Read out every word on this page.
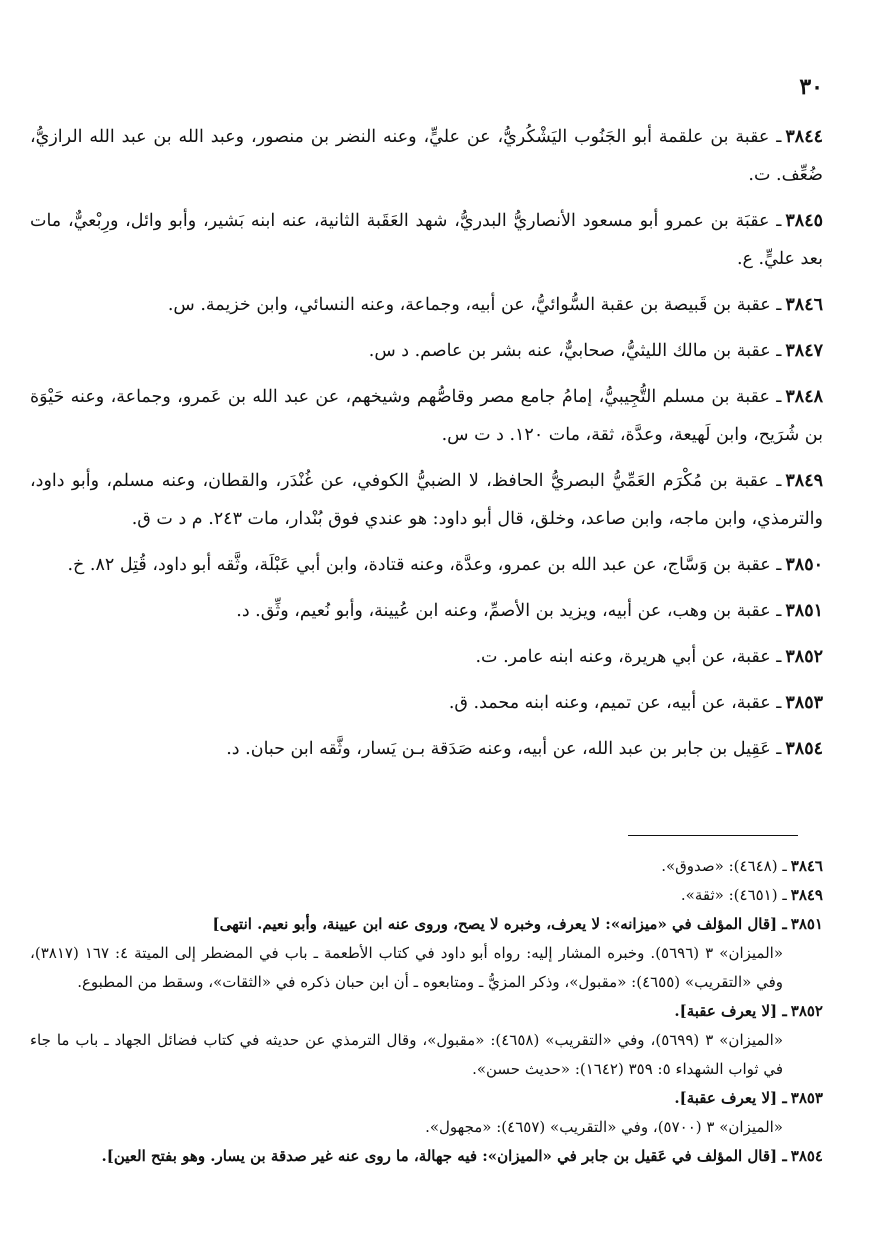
٣٠

٣٨٤٤ـ عقبة بن علقمة أبو الجَنُوب اليَشْكُريُّ، عن عليٍّ، وعنه النضر بن منصور، وعبد الله بن عبد الله الرازيُّ، ضُعِّف. ت.

٣٨٤٥ـ عقبَة بن عمرو أبو مسعود الأنصاريُّ البدريُّ، شهد العَقَبة الثانية، عنه ابنه بَشير، وأبو وائل، ورِبْعيٌّ، مات بعد عليٍّ. ع.

٣٨٤٦ـ عقبة بن قَبيصة بن عقبة السُّوائيُّ، عن أبيه، وجماعة، وعنه النسائي، وابن خزيمة. س.

٣٨٤٧ـ عقبة بن مالك الليثيُّ، صحابيٌّ، عنه بشر بن عاصم. د س.

٣٨٤٨ـ عقبة بن مسلم التُّجِيبيُّ، إمامُ جامع مصر وقاصُّهم وشيخهم، عن عبد الله بن عَمرو، وجماعة، وعنه حَيْوَة بن شُرَيح، وابن لَهيعة، وعدَّة، ثقة، مات ١٢٠. د ت س.

٣٨٤٩ـ عقبة بن مُكْرَم العَمِّيُّ البصريُّ الحافظ، لا الضبيُّ الكوفي، عن غُنْدَر، والقطان، وعنه مسلم، وأبو داود، والترمذي، وابن ماجه، وابن صاعد، وخلق، قال أبو داود: هو عندي فوق بُنْدار، مات ٢٤٣. م د ت ق.

٣٨٥٠ـ عقبة بن وَسَّاج، عن عبد الله بن عمرو، وعدَّة، وعنه قتادة، وابن أبي عَبْلَة، وثَّقه أبو داود، قُتِل ٨٢. خ.

٣٨٥١ـ عقبة بن وهب، عن أبيه، ويزيد بن الأصمِّ، وعنه ابن عُيينة، وأبو نُعيم، وثِّق. د.

٣٨٥٢ـ عقبة، عن أبي هريرة، وعنه ابنه عامر. ت.

٣٨٥٣ـ عقبة، عن أبيه، عن تميم، وعنه ابنه محمد. ق.

٣٨٥٤ـ عَقِيل بن جابر بن عبد الله، عن أبيه، وعنه صَدَقة بـن يَسار، وثَّقه ابن حبان. د.

٣٨٤٦ـ (٤٦٤٨): «صدوق».

٣٨٤٩ـ (٤٦٥١): «ثقة».

٣٨٥١ـ [قال المؤلف في «ميزانه»: لا يعرف، وخبره لا يصح، وروى عنه ابن عيينة، وأبو نعيم. انتهى]
«الميزان» ٣ (٥٦٩٦). وخبره المشار إليه: رواه أبو داود في كتاب الأطعمة ـ باب في المضطر إلى الميتة ٤: ١٦٧ (٣٨١٧)، وفي «التقريب» (٤٦٥٥): «مقبول»، وذكر المزيُّ ـ ومتابعوه ـ أن ابن حبان ذكره في «الثقات»، وسقط من المطبوع.

٣٨٥٢ـ [لا يعرف عقبة].
«الميزان» ٣ (٥٦٩٩)، وفي «التقريب» (٤٦٥٨): «مقبول»، وقال الترمذي عن حديثه في كتاب فضائل الجهاد ـ باب ما جاء في ثواب الشهداء ٥: ٣٥٩ (١٦٤٢): «حديث حسن».

٣٨٥٣ـ [لا يعرف عقبة].
«الميزان» ٣ (٥٧٠٠)، وفي «التقريب» (٤٦٥٧): «مجهول».

٣٨٥٤ـ [قال المؤلف في عَقيل بن جابر في «الميزان»: فيه جهالة، ما روى عنه غير صدقة بن يسار. وهو بفتح العين].
